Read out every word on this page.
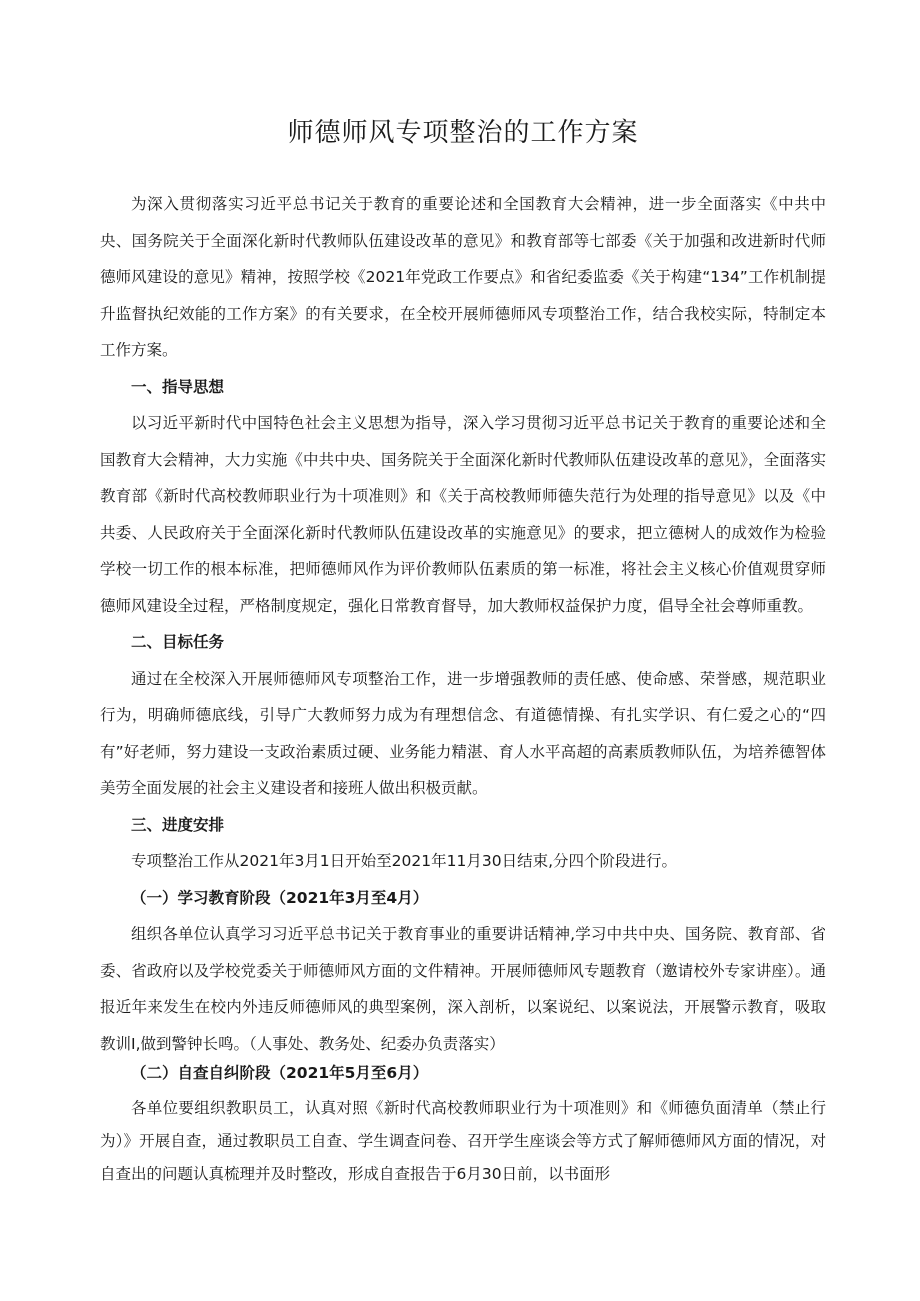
师德师风专项整治的工作方案

为深入贯彻落实习近平总书记关于教育的重要论述和全国教育大会精神，进一步全面落实《中共中央、国务院关于全面深化新时代教师队伍建设改革的意见》和教育部等七部委《关于加强和改进新时代师德师风建设的意见》精神，按照学校《2021年党政工作要点》和省纪委监委《关于构建“134”工作机制提升监督执纪效能的工作方案》的有关要求，在全校开展师德师风专项整治工作，结合我校实际，特制定本工作方案。

一、指导思想

以习近平新时代中国特色社会主义思想为指导，深入学习贯彻习近平总书记关于教育的重要论述和全国教育大会精神，大力实施《中共中央、国务院关于全面深化新时代教师队伍建设改革的意见》，全面落实教育部《新时代高校教师职业行为十项准则》和《关于高校教师师德失范行为处理的指导意见》以及《中共委、人民政府关于全面深化新时代教师队伍建设改革的实施意见》的要求，把立德树人的成效作为检验学校一切工作的根本标准，把师德师风作为评价教师队伍素质的第一标准，将社会主义核心价值观贯穿师德师风建设全过程，严格制度规定，强化日常教育督导，加大教师权益保护力度，倡导全社会尊师重教。

二、目标任务

通过在全校深入开展师德师风专项整治工作，进一步增强教师的责任感、使命感、荣誉感，规范职业行为，明确师德底线，引导广大教师努力成为有理想信念、有道德情操、有扎实学识、有仁爱之心的“四有”好老师，努力建设一支政治素质过硬、业务能力精湛、育人水平高超的高素质教师队伍，为培养德智体美劳全面发展的社会主义建设者和接班人做出积极贡献。

三、进度安排

专项整治工作从2021年3月1日开始至2021年11月30日结束,分四个阶段进行。

（一）学习教育阶段（2021年3月至4月）

组织各单位认真学习习近平总书记关于教育事业的重要讲话精神,学习中共中央、国务院、教育部、省委、省政府以及学校党委关于师德师风方面的文件精神。开展师德师风专题教育（邀请校外专家讲座）。通报近年来发生在校内外违反师德师风的典型案例，深入剖析，以案说纪、以案说法，开展警示教育，吸取教训I,做到警钟长鸣。（人事处、教务处、纪委办负责落实）

（二）自查自纠阶段（2021年5月至6月）

各单位要组织教职员工，认真对照《新时代高校教师职业行为十项准则》和《师德负面清单（禁止行为）》开展自查，通过教职员工自查、学生调查问卷、召开学生座谈会等方式了解师德师风方面的情况，对自查出的问题认真梳理并及时整改，形成自查报告于6月30日前，以书面形
